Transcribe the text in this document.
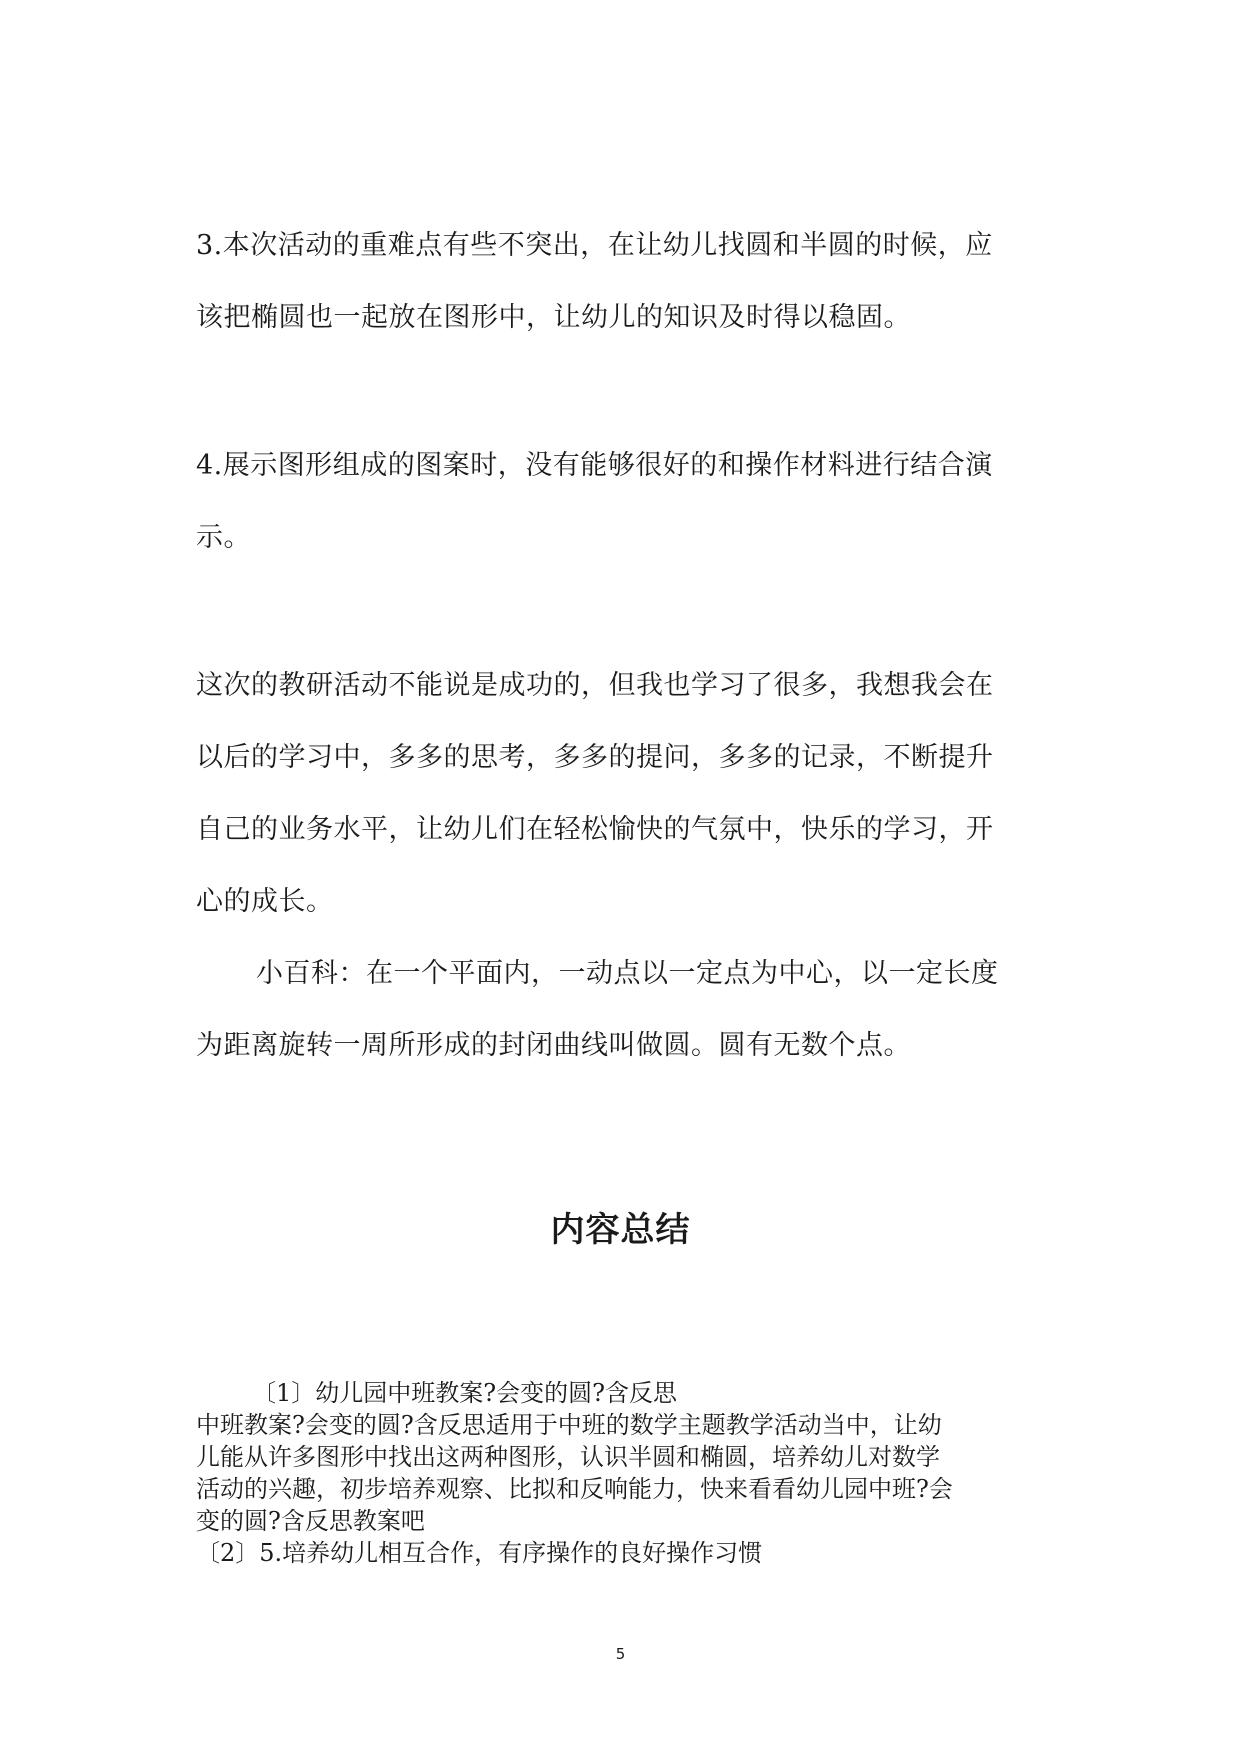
3.本次活动的重难点有些不突出，在让幼儿找圆和半圆的时候，应
该把椭圆也一起放在图形中，让幼儿的知识及时得以稳固。
4.展示图形组成的图案时，没有能够很好的和操作材料进行结合演
示。
这次的教研活动不能说是成功的，但我也学习了很多，我想我会在
以后的学习中，多多的思考，多多的提问，多多的记录，不断提升
自己的业务水平，让幼儿们在轻松愉快的气氛中，快乐的学习，开
心的成长。
小百科：在一个平面内，一动点以一定点为中心，以一定长度
为距离旋转一周所形成的封闭曲线叫做圆。圆有无数个点。
内容总结
〔1〕幼儿园中班教案?会变的圆?含反思
中班教案?会变的圆?含反思适用于中班的数学主题教学活动当中，让幼
儿能从许多图形中找出这两种图形，认识半圆和椭圆，培养幼儿对数学
活动的兴趣，初步培养观察、比拟和反响能力，快来看看幼儿园中班?会
变的圆?含反思教案吧
〔2〕5.培养幼儿相互合作，有序操作的良好操作习惯
5
